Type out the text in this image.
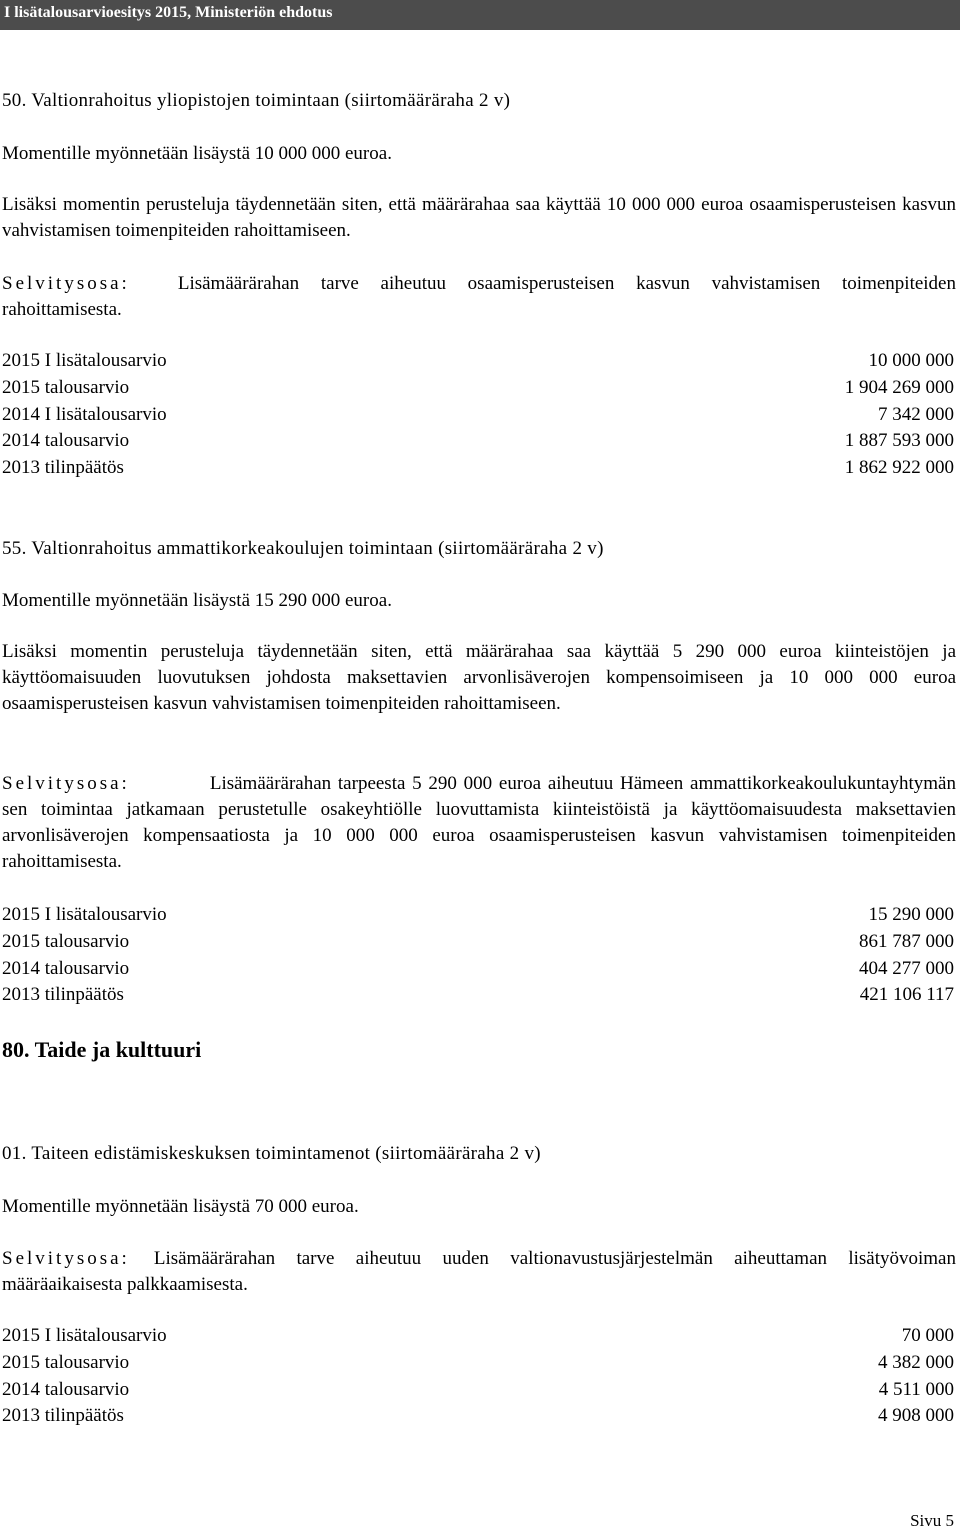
I lisätalousarvioesitys 2015, Ministeriön ehdotus
50. Valtionrahoitus yliopistojen toimintaan (siirtomääräraha 2 v)
Momentille myönnetään lisäystä 10 000 000 euroa.
Lisäksi momentin perusteluja täydennetään siten, että määrärahaa saa käyttää 10 000 000 euroa osaamisperusteisen kasvun vahvistamisen toimenpiteiden rahoittamiseen.
Selvitysosa:	Lisämäärärahan tarve aiheutuu osaamisperusteisen kasvun vahvistamisen toimenpiteiden rahoittamisesta.
2015 I lisätalousarvio	10 000 000
2015 talousarvio	1 904 269 000
2014 I lisätalousarvio	7 342 000
2014 talousarvio	1 887 593 000
2013 tilinpäätös	1 862 922 000
55. Valtionrahoitus ammattikorkeakoulujen toimintaan (siirtomääräraha 2 v)
Momentille myönnetään lisäystä 15 290 000 euroa.
Lisäksi momentin perusteluja täydennetään siten, että määrärahaa saa käyttää 5 290 000 euroa kiinteistöjen ja käyttöomaisuuden luovutuksen johdosta maksettavien arvonlisäverojen kompensoimiseen ja 10 000 000 euroa osaamisperusteisen kasvun vahvistamisen toimenpiteiden rahoittamiseen.
Selvitysosa:	Lisämäärärahan tarpeesta 5 290 000 euroa aiheutuu Hämeen ammattikorkeakoulukuntayhtymän sen toimintaa jatkamaan perustetulle osakeyhtiölle luovuttamista kiinteistöistä ja käyttöomaisuudesta maksettavien arvonlisäverojen kompensaatiosta ja 10 000 000 euroa osaamisperusteisen kasvun vahvistamisen toimenpiteiden rahoittamisesta.
2015 I lisätalousarvio	15 290 000
2015 talousarvio	861 787 000
2014 talousarvio	404 277 000
2013 tilinpäätös	421 106 117
80. Taide ja kulttuuri
01. Taiteen edistämiskeskuksen toimintamenot (siirtomääräraha 2 v)
Momentille myönnetään lisäystä 70 000 euroa.
Selvitysosa: Lisämäärärahan tarve aiheutuu uuden valtionavustusjärjestelmän aiheuttaman lisätyövoiman määräaikaisesta palkkaamisesta.
2015 I lisätalousarvio	70 000
2015 talousarvio	4 382 000
2014 talousarvio	4 511 000
2013 tilinpäätös	4 908 000
Sivu 5
